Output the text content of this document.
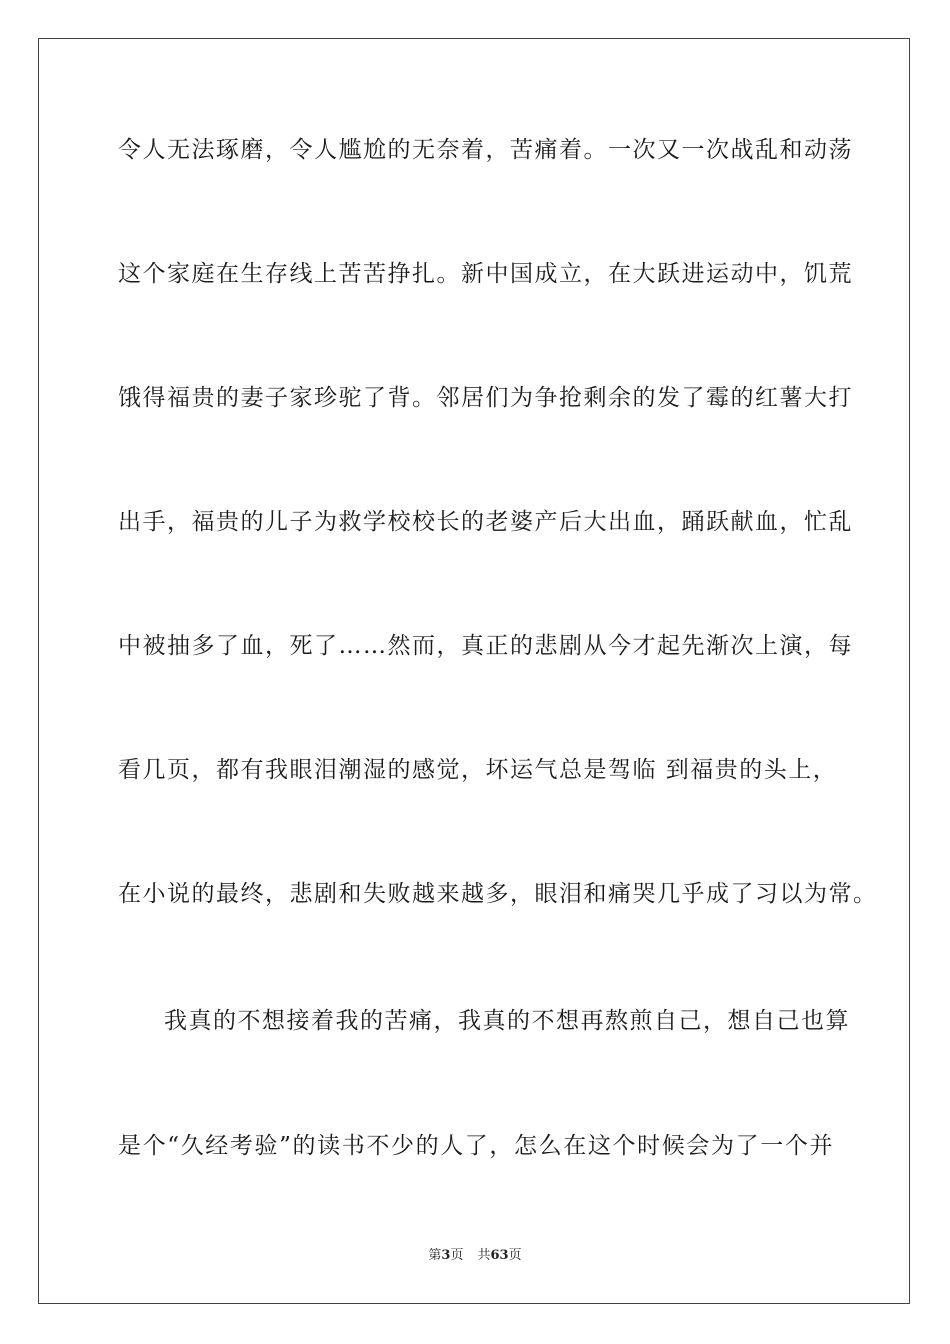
令人无法琢磨，令人尴尬的无奈着，苦痛着。一次又一次战乱和动荡
这个家庭在生存线上苦苦挣扎。新中国成立，在大跃进运动中，饥荒
饿得福贵的妻子家珍驼了背。邻居们为争抢剩余的发了霉的红薯大打
出手，福贵的儿子为救学校校长的老婆产后大出血，踊跃献血，忙乱
中被抽多了血，死了……然而，真正的悲剧从今才起先渐次上演，每
看几页，都有我眼泪潮湿的感觉，坏运气总是驾临 到福贵的头上，
在小说的最终，悲剧和失败越来越多，眼泪和痛哭几乎成了习以为常。
我真的不想接着我的苦痛，我真的不想再熬煎自己，想自己也算
是个“久经考验”的读书不少的人了，怎么在这个时候会为了一个并
第3页 共63页
